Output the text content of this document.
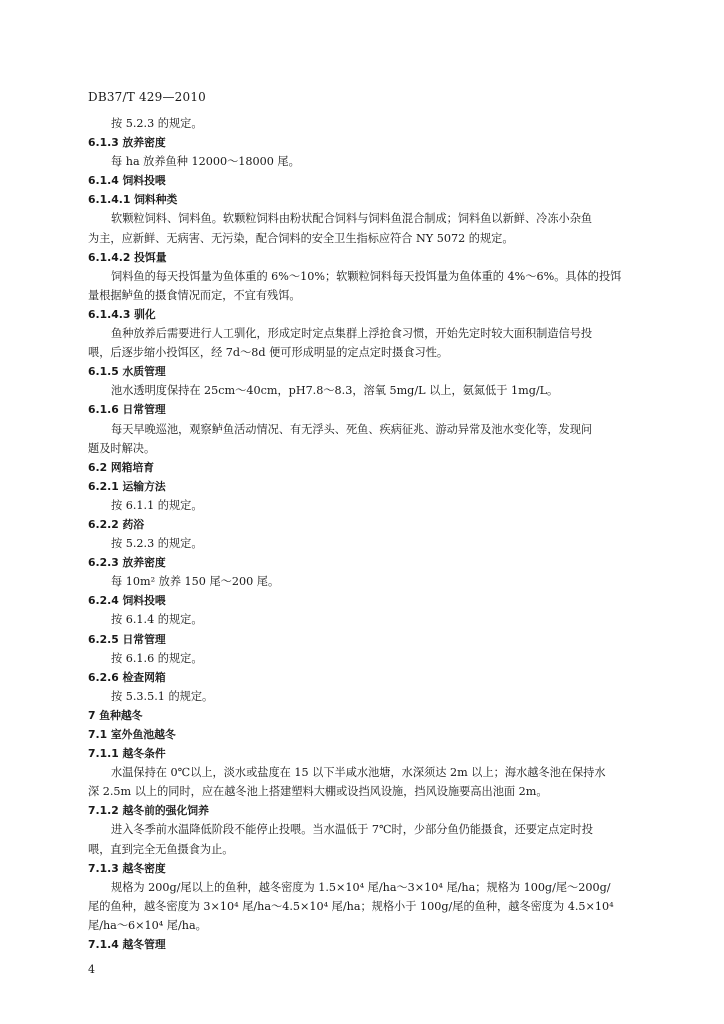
DB37/T 429—2010
按 5.2.3 的规定。
6.1.3 放养密度
每 ha 放养鱼种 12000～18000 尾。
6.1.4 饲料投喂
6.1.4.1 饲料种类
软颗粒饲料、饲料鱼。软颗粒饲料由粉状配合饲料与饲料鱼混合制成；饲料鱼以新鲜、冷冻小杂鱼
为主，应新鲜、无病害、无污染，配合饲料的安全卫生指标应符合 NY 5072 的规定。
6.1.4.2 投饵量
饲料鱼的每天投饵量为鱼体重的 6%～10%；软颗粒饲料每天投饵量为鱼体重的 4%～6%。具体的投饵
量根据鲈鱼的摄食情况而定，不宜有残饵。
6.1.4.3 驯化
鱼种放养后需要进行人工驯化，形成定时定点集群上浮抢食习惯，开始先定时较大面积制造信号投
喂，后逐步缩小投饵区，经 7d～8d 便可形成明显的定点定时摄食习性。
6.1.5 水质管理
池水透明度保持在 25cm～40cm，pH7.8～8.3，溶氧 5mg/L 以上，氨氮低于 1mg/L。
6.1.6 日常管理
每天早晚巡池，观察鲈鱼活动情况、有无浮头、死鱼、疾病征兆、游动异常及池水变化等，发现问
题及时解决。
6.2 网箱培育
6.2.1 运输方法
按 6.1.1 的规定。
6.2.2 药浴
按 5.2.3 的规定。
6.2.3 放养密度
每 10m² 放养 150 尾～200 尾。
6.2.4 饲料投喂
按 6.1.4 的规定。
6.2.5 日常管理
按 6.1.6 的规定。
6.2.6 检查网箱
按 5.3.5.1 的规定。
7 鱼种越冬
7.1 室外鱼池越冬
7.1.1 越冬条件
水温保持在 0℃以上，淡水或盐度在 15 以下半咸水池塘，水深须达 2m 以上；海水越冬池在保持水
深 2.5m 以上的同时，应在越冬池上搭建塑料大棚或设挡风设施，挡风设施要高出池面 2m。
7.1.2 越冬前的强化饲养
进入冬季前水温降低阶段不能停止投喂。当水温低于 7℃时，少部分鱼仍能摄食，还要定点定时投
喂，直到完全无鱼摄食为止。
7.1.3 越冬密度
规格为 200g/尾以上的鱼种，越冬密度为 1.5×10⁴ 尾/ha～3×10⁴ 尾/ha；规格为 100g/尾～200g/
尾的鱼种，越冬密度为 3×10⁴ 尾/ha～4.5×10⁴ 尾/ha；规格小于 100g/尾的鱼种，越冬密度为 4.5×10⁴
尾/ha～6×10⁴ 尾/ha。
7.1.4 越冬管理
4
